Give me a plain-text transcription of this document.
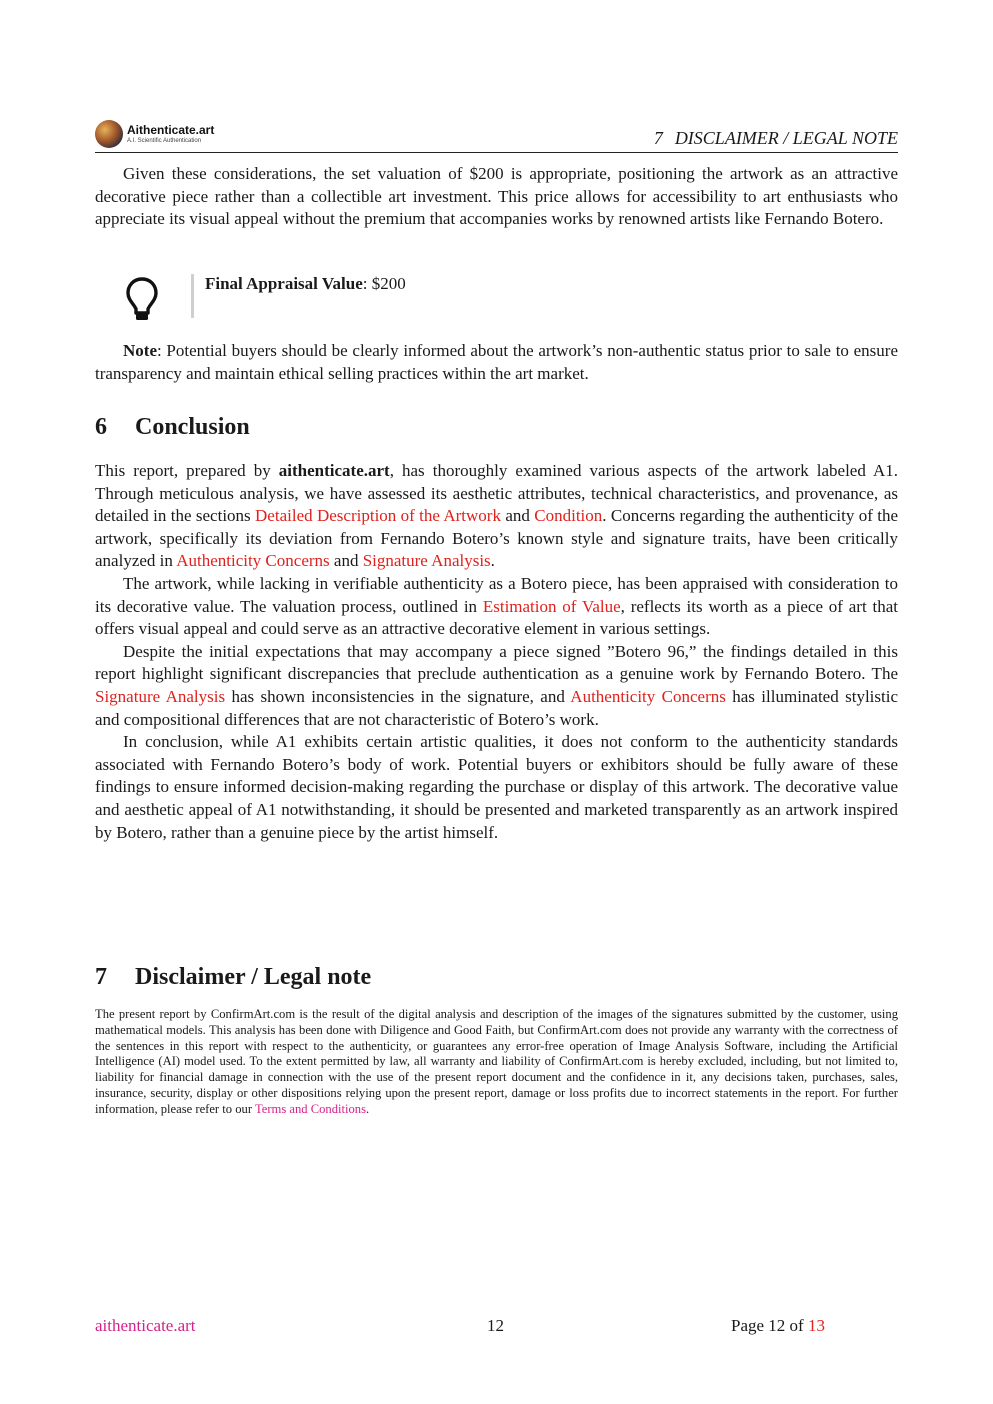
Aithenticate.art
A.I. Scientific Authentication	7 DISCLAIMER / LEGAL NOTE

Given these considerations, the set valuation of $200 is appropriate, positioning the artwork as an attractive decorative piece rather than a collectible art investment. This price allows for accessibility to art enthusiasts who appreciate its visual appeal without the premium that accompanies works by renowned artists like Fernando Botero.

Final Appraisal Value: $200

Note: Potential buyers should be clearly informed about the artwork’s non-authentic status prior to sale to ensure transparency and maintain ethical selling practices within the art market.

6 Conclusion

This report, prepared by aithenticate.art, has thoroughly examined various aspects of the artwork labeled A1. Through meticulous analysis, we have assessed its aesthetic attributes, technical characteristics, and provenance, as detailed in the sections Detailed Description of the Artwork and Condition. Concerns regarding the authenticity of the artwork, specifically its deviation from Fernando Botero’s known style and signature traits, have been critically analyzed in Authenticity Concerns and Signature Analysis.

The artwork, while lacking in verifiable authenticity as a Botero piece, has been appraised with consideration to its decorative value. The valuation process, outlined in Estimation of Value, reflects its worth as a piece of art that offers visual appeal and could serve as an attractive decorative element in various settings.

Despite the initial expectations that may accompany a piece signed ”Botero 96,” the findings detailed in this report highlight significant discrepancies that preclude authentication as a genuine work by Fernando Botero. The Signature Analysis has shown inconsistencies in the signature, and Authenticity Concerns has illuminated stylistic and compositional differences that are not characteristic of Botero’s work.

In conclusion, while A1 exhibits certain artistic qualities, it does not conform to the authenticity standards associated with Fernando Botero’s body of work. Potential buyers or exhibitors should be fully aware of these findings to ensure informed decision-making regarding the purchase or display of this artwork. The decorative value and aesthetic appeal of A1 notwithstanding, it should be presented and marketed transparently as an artwork inspired by Botero, rather than a genuine piece by the artist himself.

7 Disclaimer / Legal note

The present report by ConfirmArt.com is the result of the digital analysis and description of the images of the signatures submitted by the customer, using mathematical models. This analysis has been done with Diligence and Good Faith, but ConfirmArt.com does not provide any warranty with the correctness of the sentences in this report with respect to the authenticity, or guarantees any error-free operation of Image Analysis Software, including the Artificial Intelligence (AI) model used. To the extent permitted by law, all warranty and liability of ConfirmArt.com is hereby excluded, including, but not limited to, liability for financial damage in connection with the use of the present report document and the confidence in it, any decisions taken, purchases, sales, insurance, security, display or other dispositions relying upon the present report, damage or loss profits due to incorrect statements in the report. For further information, please refer to our Terms and Conditions.

aithenticate.art	12	Page 12 of 13
